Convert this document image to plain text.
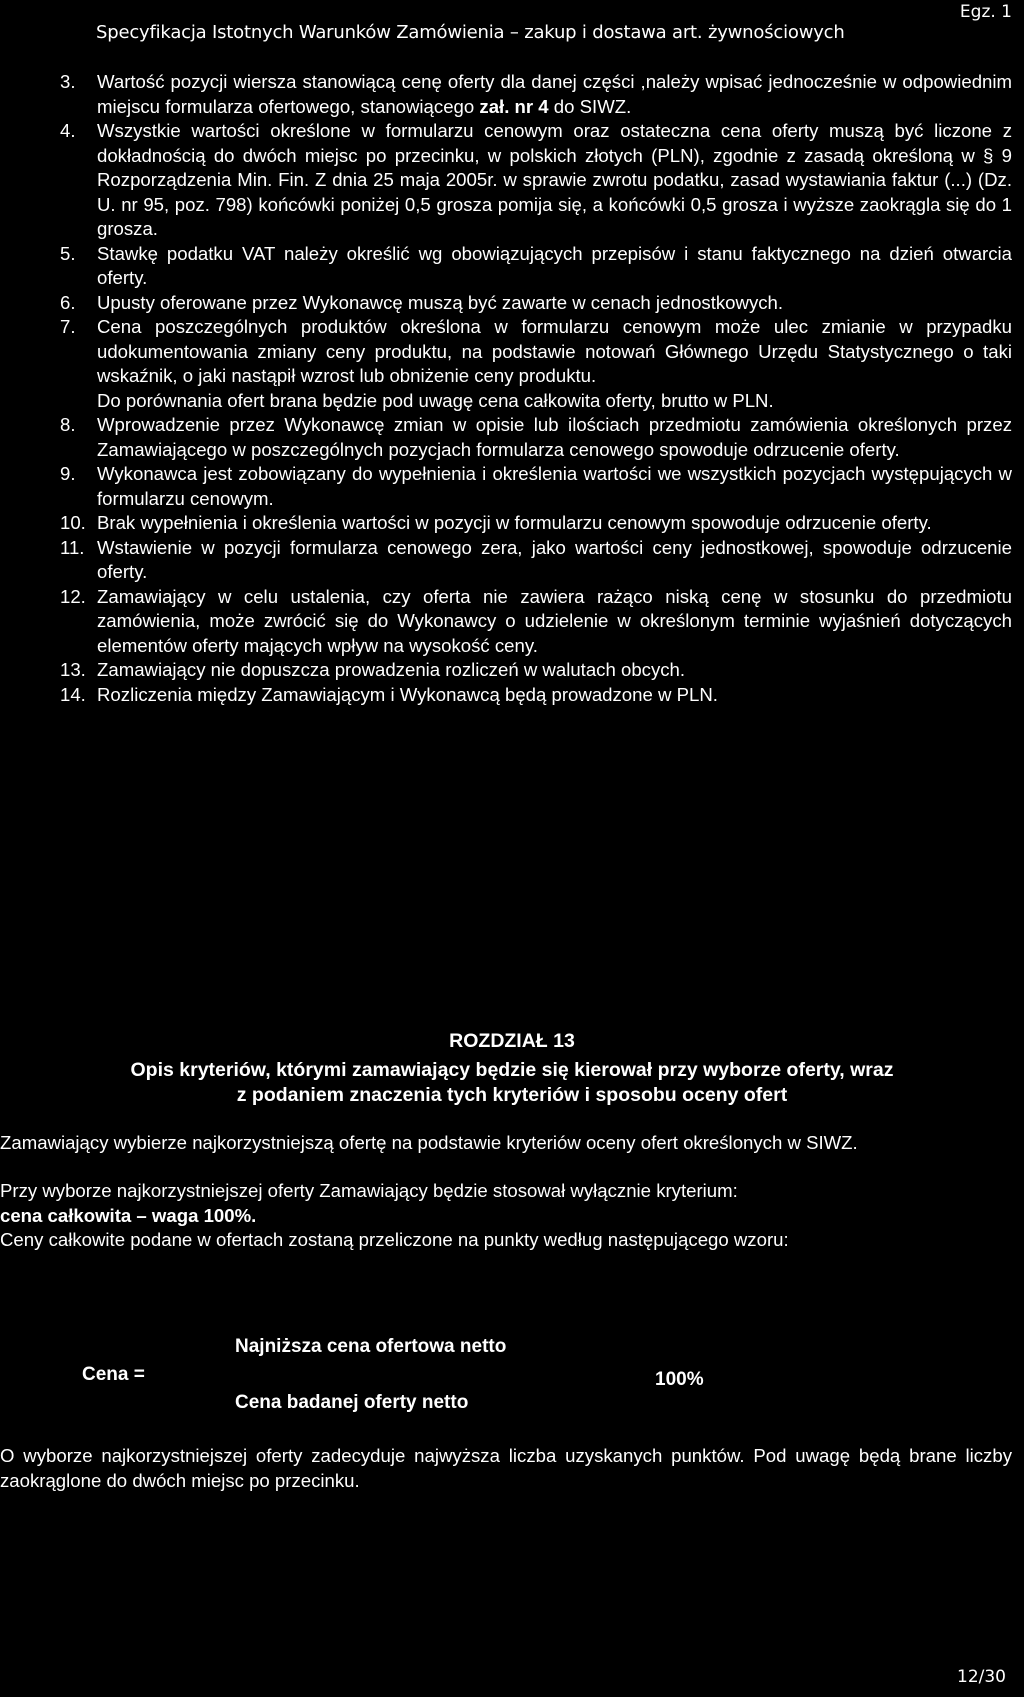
Specyfikacja Istotnych Warunków Zamówienia – zakup i dostawa art. żywnościowych
Egz. 1
3.	Wartość pozycji wiersza stanowiącą cenę oferty dla danej części ,należy wpisać jednocześnie w odpowiednim miejscu formularza ofertowego, stanowiącego zał. nr 4 do SIWZ.
4.	Wszystkie wartości określone w formularzu cenowym oraz ostateczna cena oferty muszą być liczone z dokładnością do dwóch miejsc po przecinku, w polskich złotych (PLN), zgodnie z zasadą określoną w § 9 Rozporządzenia Min. Fin. Z dnia 25 maja 2005r. w sprawie zwrotu podatku, zasad wystawiania faktur (...) (Dz. U. nr 95, poz. 798) końcówki poniżej 0,5 grosza pomija się, a końcówki 0,5 grosza i wyższe zaokrągla się do 1 grosza.
5.	Stawkę podatku VAT należy określić wg obowiązujących przepisów i stanu faktycznego na dzień otwarcia oferty.
6.	Upusty oferowane przez Wykonawcę muszą być zawarte w cenach jednostkowych.
7.	Cena poszczególnych produktów określona w formularzu cenowym może ulec zmianie w przypadku udokumentowania zmiany ceny produktu, na podstawie notowań Głównego Urzędu Statystycznego o taki wskaźnik, o jaki nastąpił wzrost lub obniżenie ceny produktu.
Do porównania ofert brana będzie pod uwagę cena całkowita oferty, brutto w PLN.
8.	Wprowadzenie przez Wykonawcę zmian w opisie lub ilościach przedmiotu zamówienia określonych przez Zamawiającego w poszczególnych pozycjach formularza cenowego spowoduje odrzucenie oferty.
9.	Wykonawca jest zobowiązany do wypełnienia i określenia wartości we wszystkich pozycjach występujących w formularzu cenowym.
10. Brak wypełnienia i określenia wartości w pozycji w formularzu cenowym spowoduje odrzucenie oferty.
11. Wstawienie w pozycji formularza cenowego zera, jako wartości ceny jednostkowej, spowoduje odrzucenie oferty.
12. Zamawiający w celu ustalenia, czy oferta nie zawiera rażąco niską cenę w stosunku do przedmiotu zamówienia, może zwrócić się do Wykonawcy o udzielenie w określonym terminie wyjaśnień dotyczących elementów oferty mających wpływ na wysokość ceny.
13. Zamawiający nie dopuszcza prowadzenia rozliczeń w walutach obcych.
14. Rozliczenia między Zamawiającym i Wykonawcą będą prowadzone w PLN.
ROZDZIAŁ 13
Opis kryteriów, którymi zamawiający będzie się kierował przy wyborze oferty, wraz
z podaniem znaczenia tych kryteriów i sposobu oceny ofert
Zamawiający wybierze najkorzystniejszą ofertę na podstawie kryteriów oceny ofert określonych w SIWZ.
Przy wyborze najkorzystniejszej oferty Zamawiający będzie stosował wyłącznie kryterium:
cena całkowita – waga 100%.
Ceny całkowite podane w ofertach zostaną przeliczone na punkty według następującego wzoru:
Cena =
Najniższa cena ofertowa netto
Cena badanej oferty netto
100%
O wyborze najkorzystniejszej oferty zadecyduje najwyższa liczba uzyskanych punktów. Pod uwagę będą brane liczby zaokrąglone do dwóch miejsc po przecinku.
12/30
